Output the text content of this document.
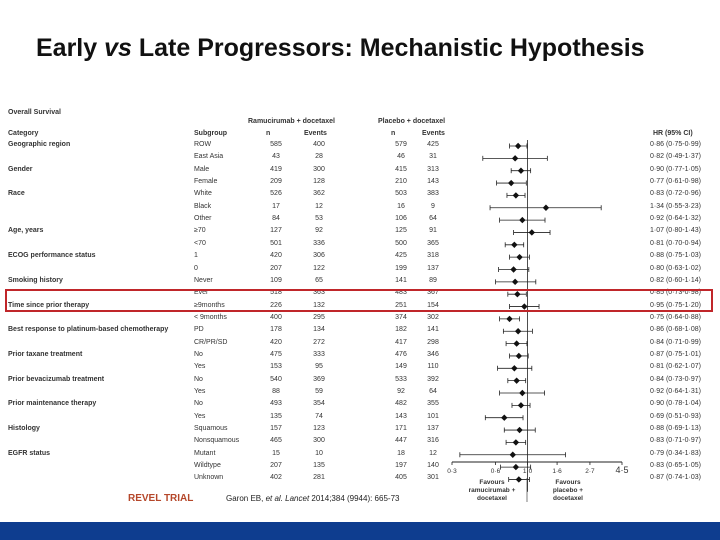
Early vs Late Progressors: Mechanistic Hypothesis
Overall Survival
Category	Subgroup
Ramucirumab + docetaxel	Placebo + docetaxel
n	Events	n	Events	HR (95% CI)
Geographic region	ROW	585	400	579	425	0·86 (0·75-0·99)
East Asia	43	28	46	31	0·82 (0·49-1·37)
Gender	Male	419	300	415	313	0·90 (0·77-1·05)
Female	209	128	210	143	0·77 (0·61-0·98)
Race	White	526	362	503	383	0·83 (0·72-0·96)
Black	17	12	16	9	1·34 (0·55-3·23)
Other	84	53	106	64	0·92 (0·64-1·32)
Age, years	≥70	127	92	125	91	1·07 (0·80-1·43)
<70	501	336	500	365	0·81 (0·70-0·94)
ECOG performance status	1	420	306	425	318	0·88 (0·75-1·03)
0	207	122	199	137	0·80 (0·63-1·02)
Smoking history	Never	109	65	141	89	0·82 (0·60-1·14)
Ever	518	363	483	367	0·85 (0·73-0·98)
Time since prior therapy	≥9months	226	132	251	154	0·95 (0·75-1·20)
< 9months	400	295	374	302	0·75 (0·64-0·88)
Best response to platinum-based chemotherapy	PD	178	134	182	141	0·86 (0·68-1·08)
CR/PR/SD	420	272	417	298	0·84 (0·71-0·99)
Prior taxane treatment	No	475	333	476	346	0·87 (0·75-1·01)
Yes	153	95	149	110	0·81 (0·62-1·07)
Prior bevacizumab treatment	No	540	369	533	392	0·84 (0·73-0·97)
Yes	88	59	92	64	0·92 (0·64-1·31)
Prior maintenance therapy	No	493	354	482	355	0·90 (0·78-1·04)
Yes	135	74	143	101	0·69 (0·51-0·93)
Histology	Squamous	157	123	171	137	0·88 (0·69-1·13)
Nonsquamous	465	300	447	316	0·83 (0·71-0·97)
EGFR status	Mutant	15	10	18	12	0·79 (0·34-1·83)
Wildtype	207	135	197	140	0·83 (0·65-1·05)
Unknown	402	281	405	301	0·87 (0·74-1·03)
0·3	0·6	1·0	1·6	2·7 4·5
Favours ramucirumab + docetaxel
Favours placebo + docetaxel
REVEL TRIAL	Garon EB, et al. Lancet 2014;384 (9944): 665-73
